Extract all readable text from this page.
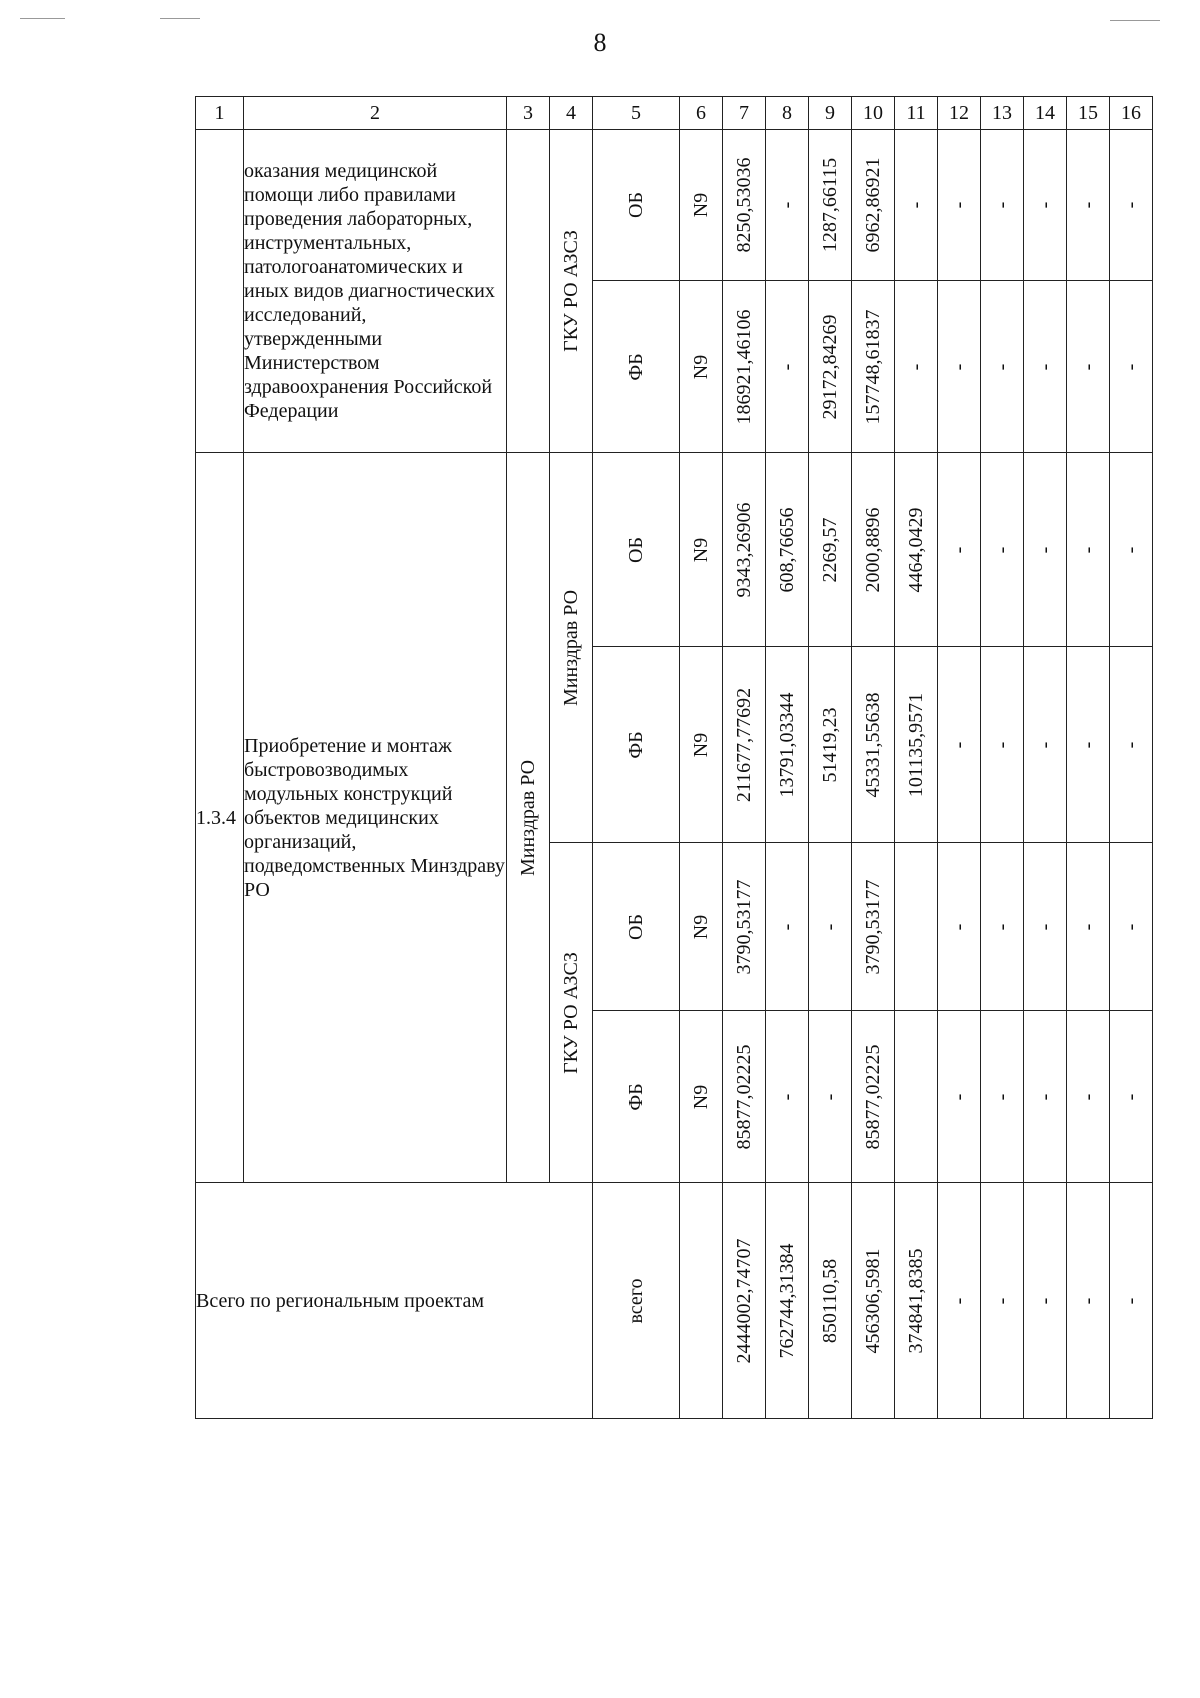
8
1	2	3	4	5	6	7	8	9	10	11	12	13	14	15	16
	оказания медицинской помощи либо правилами проведения лабораторных, инструментальных, патологоанатомических и иных видов диагностических исследований, утвержденными Министерством здравоохранения Российской Федерации		ГКУ РО АЗСЗ	ОБ	N9	8250,53036	-	1287,66115	6962,86921	-	-	-	-	-	-

				ФБ	N9	186921,46106	-	29172,84269	157748,61837	-	-	-	-	-	-

1.3.4	Приобретение и монтаж быстровозводимых модульных конструкций объектов медицинских организаций, подведомственных Минздраву РО	Минздрав РО	Минздрав РО	ОБ	N9	9343,26906	608,76656	2269,57	2000,8896	4464,0429	-	-	-	-	-

				ФБ	N9	211677,77692	13791,03344	51419,23	45331,55638	101135,9571	-	-	-	-	-

			ГКУ РО АЗСЗ	ОБ	N9	3790,53177	-	-	3790,53177		-	-	-	-	-

				ФБ	N9	85877,02225	-	-	85877,02225		-	-	-	-	-

Всего по региональным проектам				всего		2444002,74707	762744,31384	850110,58	456306,5981	374841,8385	-	-	-	-	-
